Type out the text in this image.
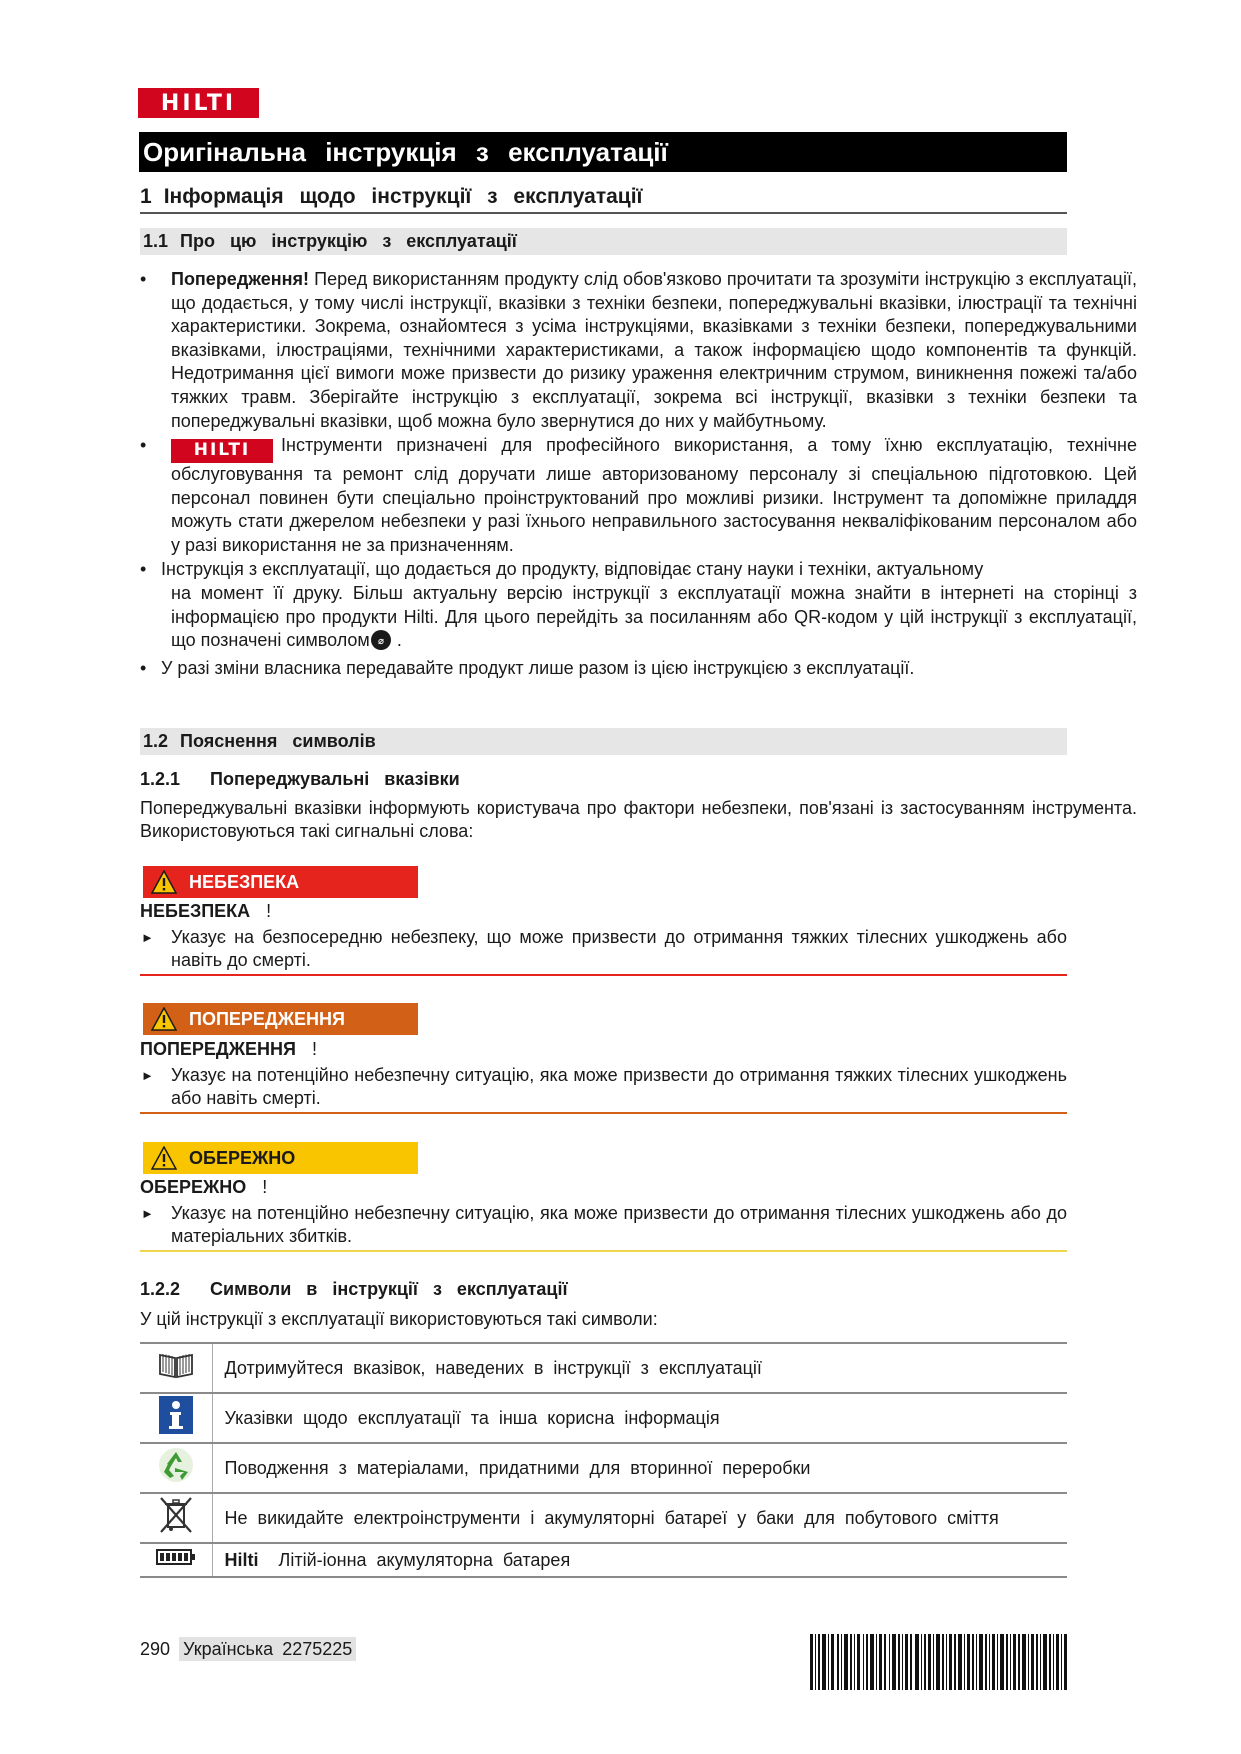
HILTI
Оригінальна інструкція з експлуатації
1 Інформація щодо інструкції з експлуатації
1.1 Про цю інструкцію з експлуатації
• Попередження! Перед використанням продукту слід обов'язково прочитати та зрозуміти інструкцію з експлуатації, що додається, у тому числі інструкції, вказівки з техніки безпеки, попереджувальні вказівки, ілюстрації та технічні характеристики. Зокрема, ознайомтеся з усіма інструкціями, вказівками з техніки безпеки, попереджувальними вказівками, ілюстраціями, технічними характеристиками, а також інформацією щодо компонентів та функцій. Недотримання цієї вимоги може призвести до ризику ураження електричним струмом, виникнення пожежі та/або тяжких травм. Зберігайте інструкцію з експлуатації, зокрема всі інструкції, вказівки з техніки безпеки та попереджувальні вказівки, щоб можна було звернутися до них у майбутньому.
•	HILTI Інструменти призначені для професійного використання, а тому їхню експлуатацію, технічне обслуговування та ремонт слід доручати лише авторизованому персоналу зі спеціальною підготовкою. Цей персонал повинен бути спеціально проінструктований про можливі ризики. Інструмент та допоміжне приладдя можуть стати джерелом небезпеки у разі їхнього неправильного застосування некваліфікованим персоналом або у разі використання не за призначенням.
• Інструкція з експлуатації, що додається до продукту, відповідає стану науки і техніки, актуальному
на момент її друку. Більш актуальну версію інструкції з експлуатації можна знайти в інтернеті на сторінці з інформацією про продукти Hilti. Для цього перейдіть за посиланням або QR-кодом у цій інструкції з експлуатації, що позначені символом ⌀ .
• У разі зміни власника передавайте продукт лише разом із цією інструкцією з експлуатації.
1.2 Пояснення символів
1.2.1 Попереджувальні вказівки
Попереджувальні вказівки інформують користувача про фактори небезпеки, пов'язані із застосуванням інструмента. Використовуються такі сигнальні слова:
НЕБЕЗПЕКА
НЕБЕЗПЕКА !
► Указує на безпосередню небезпеку, що може призвести до отримання тяжких тілесних ушкоджень або навіть до смерті.
ПОПЕРЕДЖЕННЯ
ПОПЕРЕДЖЕННЯ !
► Указує на потенційно небезпечну ситуацію, яка може призвести до отримання тяжких тілесних ушкоджень або навіть смерті.
ОБЕРЕЖНО
ОБЕРЕЖНО !
► Указує на потенційно небезпечну ситуацію, яка може призвести до отримання тілесних ушкоджень або до матеріальних збитків.
1.2.2 Символи в інструкції з експлуатації
У цій інструкції з експлуатації використовуються такі символи:
	Дотримуйтеся вказівок, наведених в інструкції з експлуатації
	Указівки щодо експлуатації та інша корисна інформація
	Поводження з матеріалами, придатними для вторинної переробки
	Не викидайте електроінструменти і акумуляторні батареї у баки для побутового сміття
	Hilti Літій-іонна акумуляторна батарея
290 Українська 2275225
